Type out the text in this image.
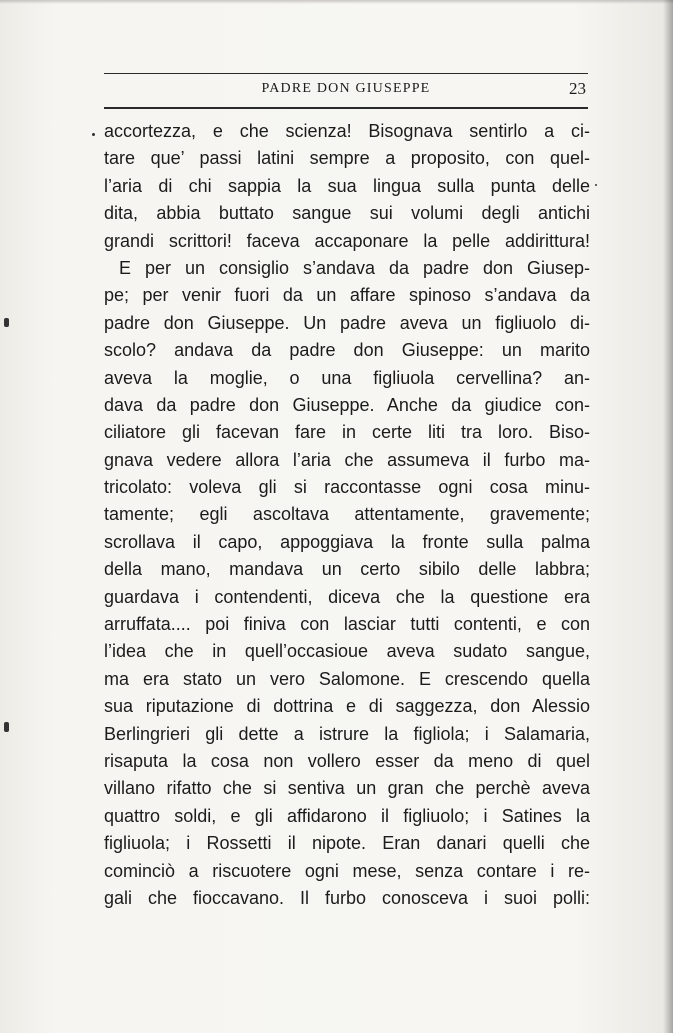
PADRE DON GIUSEPPE	23
accortezza, e che scienza! Bisognava sentirlo a ci-
tare que’ passi latini sempre a proposito, con quel-
l’aria di chi sappia la sua lingua sulla punta delle
dita, abbia buttato sangue sui volumi degli antichi
grandi scrittori! faceva accaponare la pelle addirittura!
E per un consiglio s’andava da padre don Giusep-
pe; per venir fuori da un affare spinoso s’andava da
padre don Giuseppe. Un padre aveva un figliuolo di-
scolo? andava da padre don Giuseppe: un marito
aveva la moglie, o una figliuola cervellina? an-
dava da padre don Giuseppe. Anche da giudice con-
ciliatore gli facevan fare in certe liti tra loro. Biso-
gnava vedere allora l’aria che assumeva il furbo ma-
tricolato: voleva gli si raccontasse ogni cosa minu-
tamente; egli ascoltava attentamente, gravemente;
scrollava il capo, appoggiava la fronte sulla palma
della mano, mandava un certo sibilo delle labbra;
guardava i contendenti, diceva che la questione era
arruffata.... poi finiva con lasciar tutti contenti, e con
l’idea che in quell’occasioue aveva sudato sangue,
ma era stato un vero Salomone. E crescendo quella
sua riputazione di dottrina e di saggezza, don Alessio
Berlingrieri gli dette a istrure la figliola; i Salamaria,
risaputa la cosa non vollero esser da meno di quel
villano rifatto che si sentiva un gran che perchè aveva
quattro soldi, e gli affidarono il figliuolo; i Satines la
figliuola; i Rossetti il nipote. Eran danari quelli che
cominciò a riscuotere ogni mese, senza contare i re-
gali che fioccavano. Il furbo conosceva i suoi polli:
